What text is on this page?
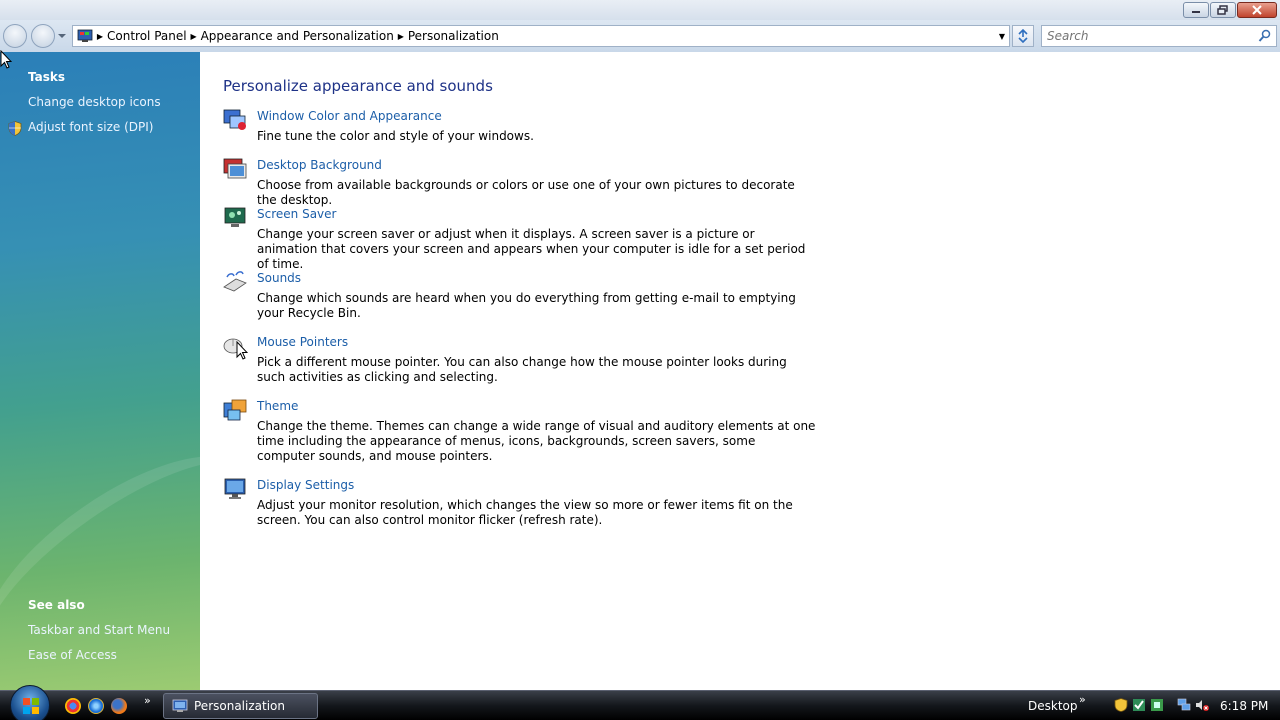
▶ Control Panel ▶ Appearance and Personalization ▶ Personalization	▼
Search
Tasks
Change desktop icons
Adjust font size (DPI)
See also
Taskbar and Start Menu
Ease of Access
Personalize appearance and sounds
Window Color and Appearance
Fine tune the color and style of your windows.
Desktop Background
Choose from available backgrounds or colors or use one of your own pictures to decorate the desktop.
Screen Saver
Change your screen saver or adjust when it displays. A screen saver is a picture or animation that covers your screen and appears when your computer is idle for a set period of time.
Sounds
Change which sounds are heard when you do everything from getting e-mail to emptying your Recycle Bin.
Mouse Pointers
Pick a different mouse pointer. You can also change how the mouse pointer looks during such activities as clicking and selecting.
Theme
Change the theme. Themes can change a wide range of visual and auditory elements at one time including the appearance of menus, icons, backgrounds, screen savers, some computer sounds, and mouse pointers.
Display Settings
Adjust your monitor resolution, which changes the view so more or fewer items fit on the screen. You can also control monitor flicker (refresh rate).
»	Personalization	Desktop »	6:18 PM
